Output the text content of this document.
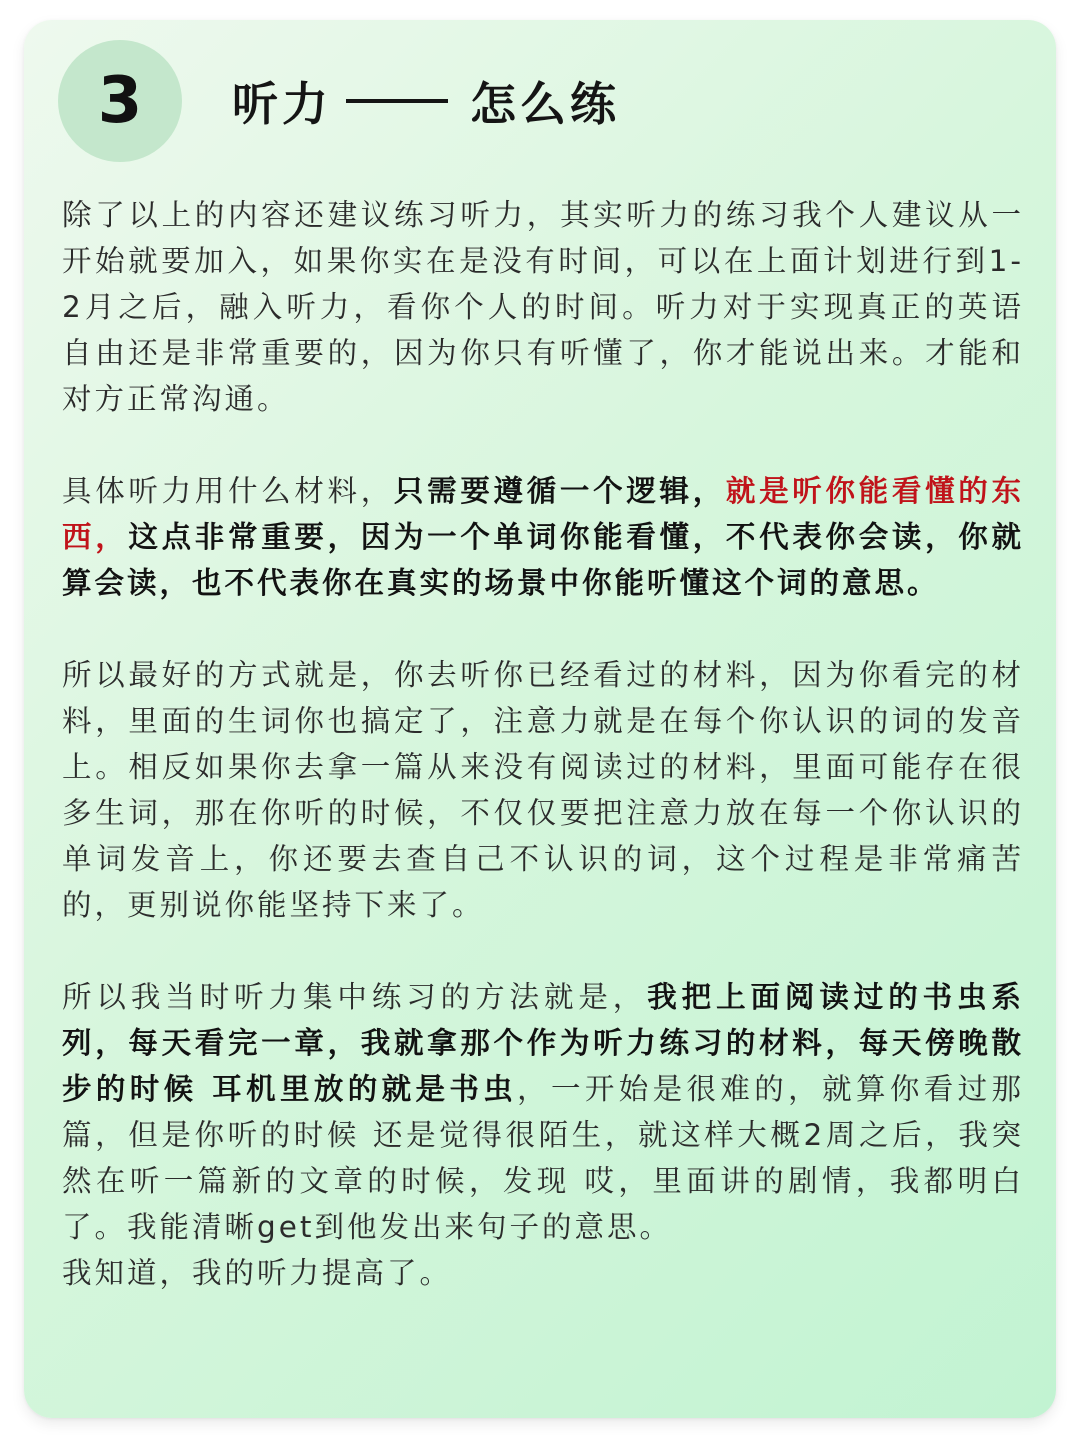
3 听力	怎么练

除了以上的内容还建议练习听力，其实听力的练习我个人建议从一开始就要加入，如果你实在是没有时间，可以在上面计划进行到1-2月之后，融入听力，看你个人的时间。听力对于实现真正的英语自由还是非常重要的，因为你只有听懂了，你才能说出来。才能和对方正常沟通。

具体听力用什么材料，只需要遵循一个逻辑，就是听你能看懂的东西，这点非常重要，因为一个单词你能看懂，不代表你会读，你就算会读，也不代表你在真实的场景中你能听懂这个词的意思。

所以最好的方式就是，你去听你已经看过的材料，因为你看完的材料，里面的生词你也搞定了，注意力就是在每个你认识的词的发音上。相反如果你去拿一篇从来没有阅读过的材料，里面可能存在很多生词，那在你听的时候，不仅仅要把注意力放在每一个你认识的单词发音上，你还要去查自己不认识的词，这个过程是非常痛苦的，更别说你能坚持下来了。

所以我当时听力集中练习的方法就是，我把上面阅读过的书虫系列，每天看完一章，我就拿那个作为听力练习的材料，每天傍晚散步的时候 耳机里放的就是书虫，一开始是很难的，就算你看过那篇，但是你听的时候 还是觉得很陌生，就这样大概2周之后，我突然在听一篇新的文章的时候，发现 哎，里面讲的剧情，我都明白了。我能清晰get到他发出来句子的意思。
我知道，我的听力提高了。
